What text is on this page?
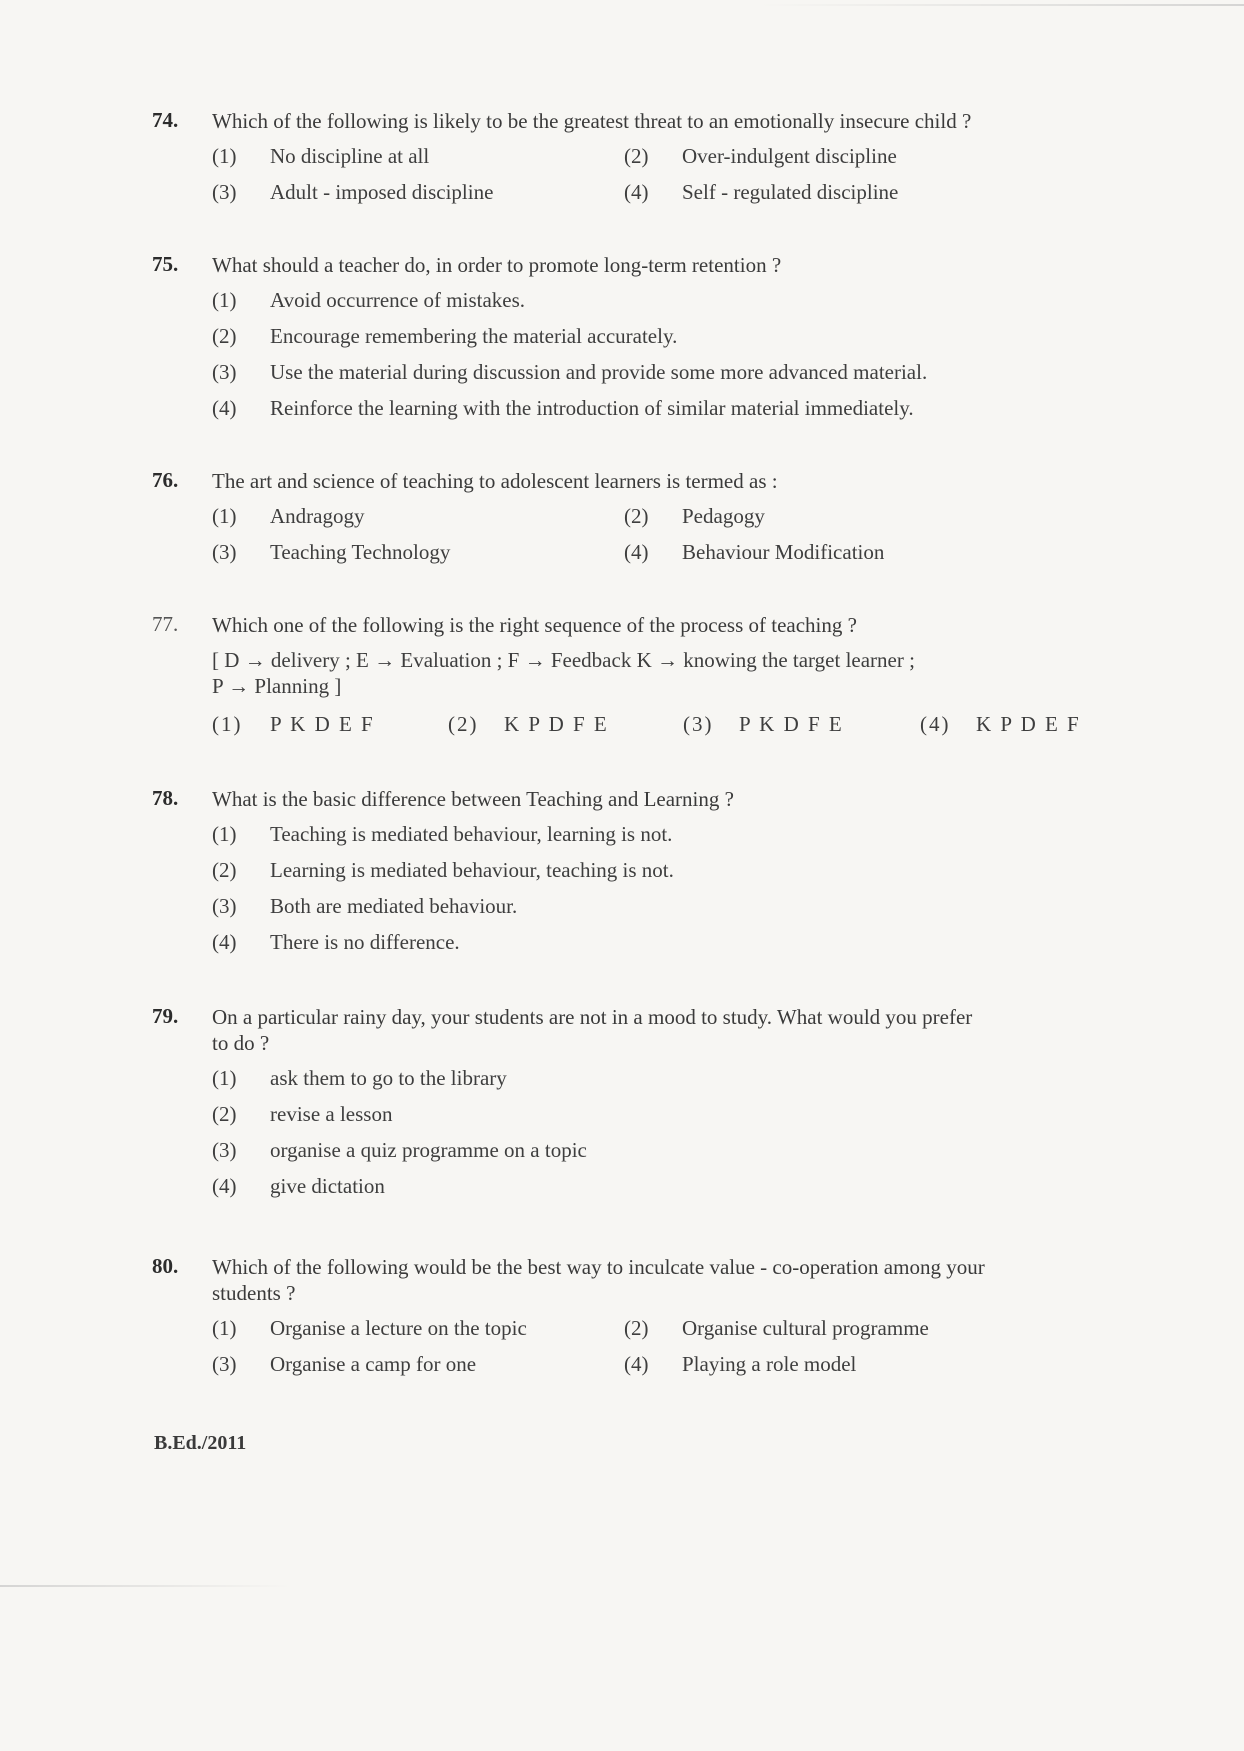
74. Which of the following is likely to be the greatest threat to an emotionally insecure child ?
(1) No discipline at all	(2) Over-indulgent discipline
(3) Adult - imposed discipline	(4) Self - regulated discipline
75. What should a teacher do, in order to promote long-term retention ?
(1) Avoid occurrence of mistakes.
(2) Encourage remembering the material accurately.
(3) Use the material during discussion and provide some more advanced material.
(4) Reinforce the learning with the introduction of similar material immediately.
76. The art and science of teaching to adolescent learners is termed as :
(1) Andragogy	(2) Pedagogy
(3) Teaching Technology	(4) Behaviour Modification
77. Which one of the following is the right sequence of the process of teaching ?
[ D → delivery ; E → Evaluation ; F → Feedback K → knowing the target learner ;
P → Planning ]
(1) P K D E F	(2) K P D F E	(3) P K D F E	(4) K P D E F
78. What is the basic difference between Teaching and Learning ?
(1) Teaching is mediated behaviour, learning is not.
(2) Learning is mediated behaviour, teaching is not.
(3) Both are mediated behaviour.
(4) There is no difference.
79. On a particular rainy day, your students are not in a mood to study. What would you prefer
to do ?
(1) ask them to go to the library
(2) revise a lesson
(3) organise a quiz programme on a topic
(4) give dictation
80. Which of the following would be the best way to inculcate value - co-operation among your
students ?
(1) Organise a lecture on the topic	(2) Organise cultural programme
(3) Organise a camp for one	(4) Playing a role model
B.Ed./2011
